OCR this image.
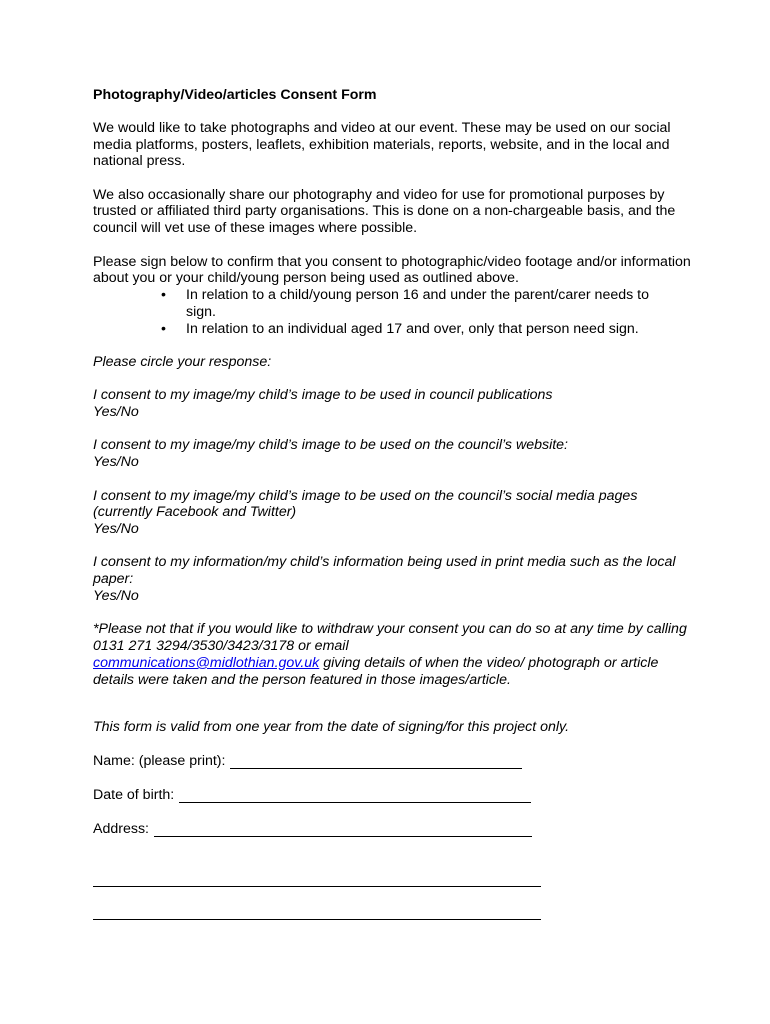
Photography/Video/articles Consent Form

We would like to take photographs and video at our event. These may be used on our social media platforms, posters, leaflets, exhibition materials, reports, website, and in the local and national press.

We also occasionally share our photography and video for use for promotional purposes by trusted or affiliated third party organisations. This is done on a non-chargeable basis, and the council will vet use of these images where possible.

Please sign below to confirm that you consent to photographic/video footage and/or information about you or your child/young person being used as outlined above.

• In relation to a child/young person 16 and under the parent/carer needs to sign.
• In relation to an individual aged 17 and over, only that person need sign.

Please circle your response:

I consent to my image/my child’s image to be used in council publications
Yes/No
I consent to my image/my child’s image to be used on the council’s website:
Yes/No
I consent to my image/my child’s image to be used on the council’s social media pages (currently Facebook and Twitter)
Yes/No
I consent to my information/my child’s information being used in print media such as the local paper:
Yes/No

*Please not that if you would like to withdraw your consent you can do so at any time by calling 0131 271 3294/3530/3423/3178 or email
communications@midlothian.gov.uk giving details of when the video/ photograph or article details were taken and the person featured in those images/article.

This form is valid from one year from the date of signing/for this project only.

Name: (please print):
Date of birth:
Address:
